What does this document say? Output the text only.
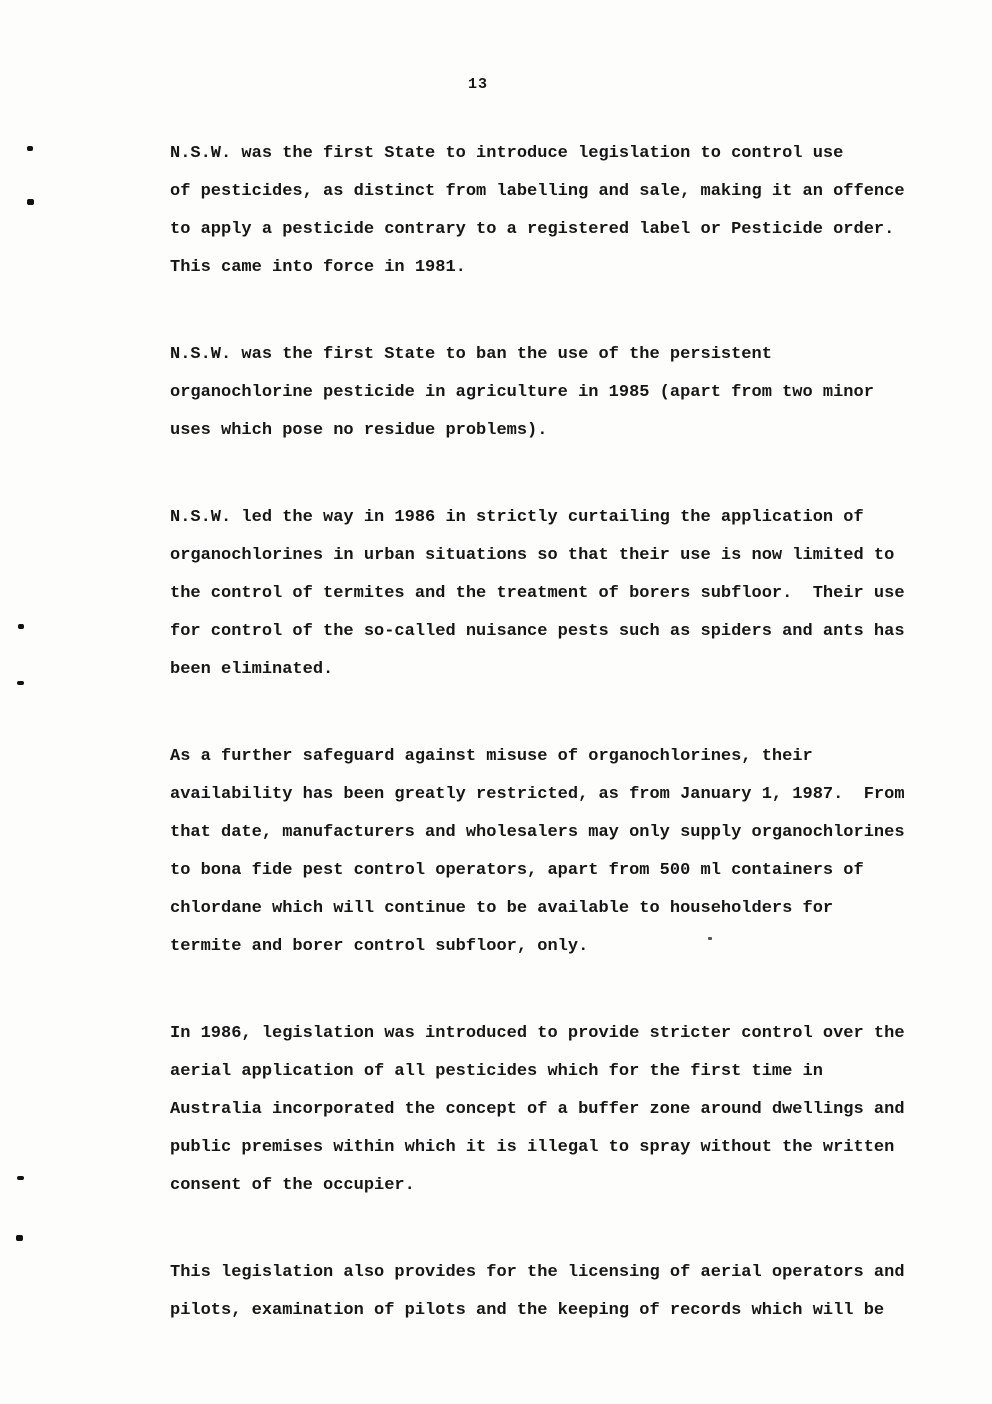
13

N.S.W. was the first State to introduce legislation to control use
of pesticides, as distinct from labelling and sale, making it an offence
to apply a pesticide contrary to a registered label or Pesticide order.
This came into force in 1981.

N.S.W. was the first State to ban the use of the persistent
organochlorine pesticide in agriculture in 1985 (apart from two minor
uses which pose no residue problems).

N.S.W. led the way in 1986 in strictly curtailing the application of
organochlorines in urban situations so that their use is now limited to
the control of termites and the treatment of borers subfloor.  Their use
for control of the so-called nuisance pests such as spiders and ants has
been eliminated.

As a further safeguard against misuse of organochlorines, their
availability has been greatly restricted, as from January 1, 1987.  From
that date, manufacturers and wholesalers may only supply organochlorines
to bona fide pest control operators, apart from 500 ml containers of
chlordane which will continue to be available to householders for
termite and borer control subfloor, only.

In 1986, legislation was introduced to provide stricter control over the
aerial application of all pesticides which for the first time in
Australia incorporated the concept of a buffer zone around dwellings and
public premises within which it is illegal to spray without the written
consent of the occupier.

This legislation also provides for the licensing of aerial operators and
pilots, examination of pilots and the keeping of records which will be
